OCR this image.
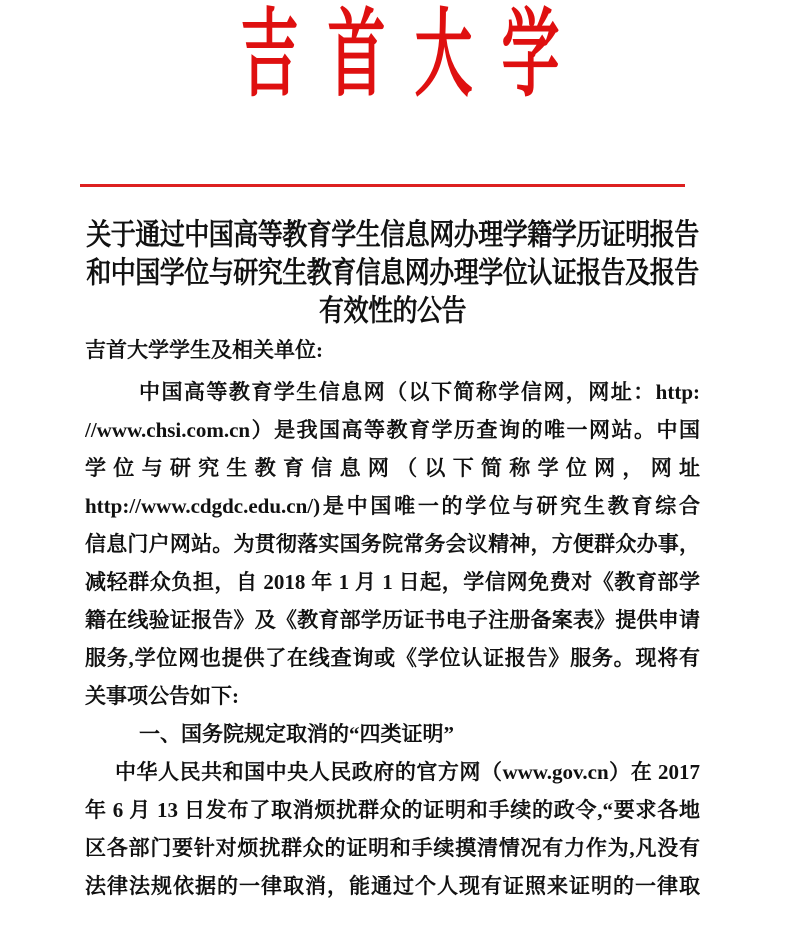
吉首大学
关于通过中国高等教育学生信息网办理学籍学历证明报告
和中国学位与研究生教育信息网办理学位认证报告及报告
有效性的公告
吉首大学学生及相关单位:
中国高等教育学生信息网（以下简称学信网，网址：http:
//www.chsi.com.cn）是我国高等教育学历查询的唯一网站。中国
学位与研究生教育信息网（以下简称学位网，网址
http://www.cdgdc.edu.cn/)是中国唯一的学位与研究生教育综合
信息门户网站。为贯彻落实国务院常务会议精神，方便群众办事，
减轻群众负担，自 2018 年 1 月 1 日起，学信网免费对《教育部学
籍在线验证报告》及《教育部学历证书电子注册备案表》提供申请
服务,学位网也提供了在线查询或《学位认证报告》服务。现将有
关事项公告如下:
一、国务院规定取消的“四类证明”
中华人民共和国中央人民政府的官方网（www.gov.cn）在 2017
年 6 月 13 日发布了取消烦扰群众的证明和手续的政令,“要求各地
区各部门要针对烦扰群众的证明和手续摸清情况有力作为,凡没有
法律法规依据的一律取消，能通过个人现有证照来证明的一律取
